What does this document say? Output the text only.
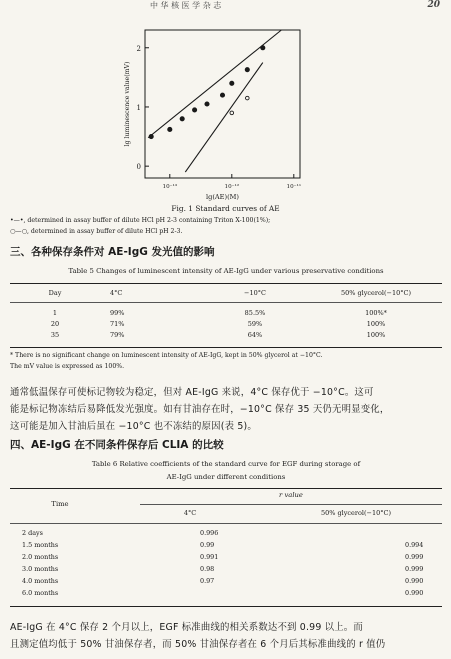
中 华 核 医 学 杂 志	20
0
1
2
10⁻¹³	10⁻¹²	10⁻¹¹
lg(AE)(M)
lg luminescence value(mV)
Fig. 1 Standard curves of AE
•—•, determined in assay buffer of dilute HCl pH 2-3 containing Triton X-100(1%);
○—○, determined in assay buffer of dilute HCl pH 2-3.
三、各种保存条件对 AE-IgG 发光值的影响
Table 5 Changes of luminescent intensity of AE-IgG under various preservative conditions
Day	4°C	−10°C	50% glycerol(−10°C)
1	99%	85.5%	100%*
20	71%	59%	100%
35	79%	64%	100%
* There is no significant change on luminescent intensity of AE-IgG, kept in 50% glycerol at −10°C.
The mV value is expressed as 100%.
通常低温保存可使标记物较为稳定，但对 AE-IgG 来说，4°C 保存优于 −10°C。这可
能是标记物冻结后易降低发光强度。如有甘油存在时，−10°C 保存 35 天仍无明显变化，
这可能是加入甘油后虽在 −10°C 也不冻结的原因(表 5)。
四、AE-IgG 在不同条件保存后 CLIA 的比较
Table 6 Relative coefficients of the standard curve for EGF during storage of
AE-IgG under different conditions
Time
r value
4°C	50% glycerol(−10°C)
2 days	0.996	
1.5 months	0.99	0.994
2.0 months	0.991	0.999
3.0 months	0.98	0.999
4.0 months	0.97	0.990
6.0 months		0.990
AE-IgG 在 4°C 保存 2 个月以上，EGF 标准曲线的相关系数达不到 0.99 以上。而
且测定值均低于 50% 甘油保存者，而 50% 甘油保存者在 6 个月后其标准曲线的 r 值仍
